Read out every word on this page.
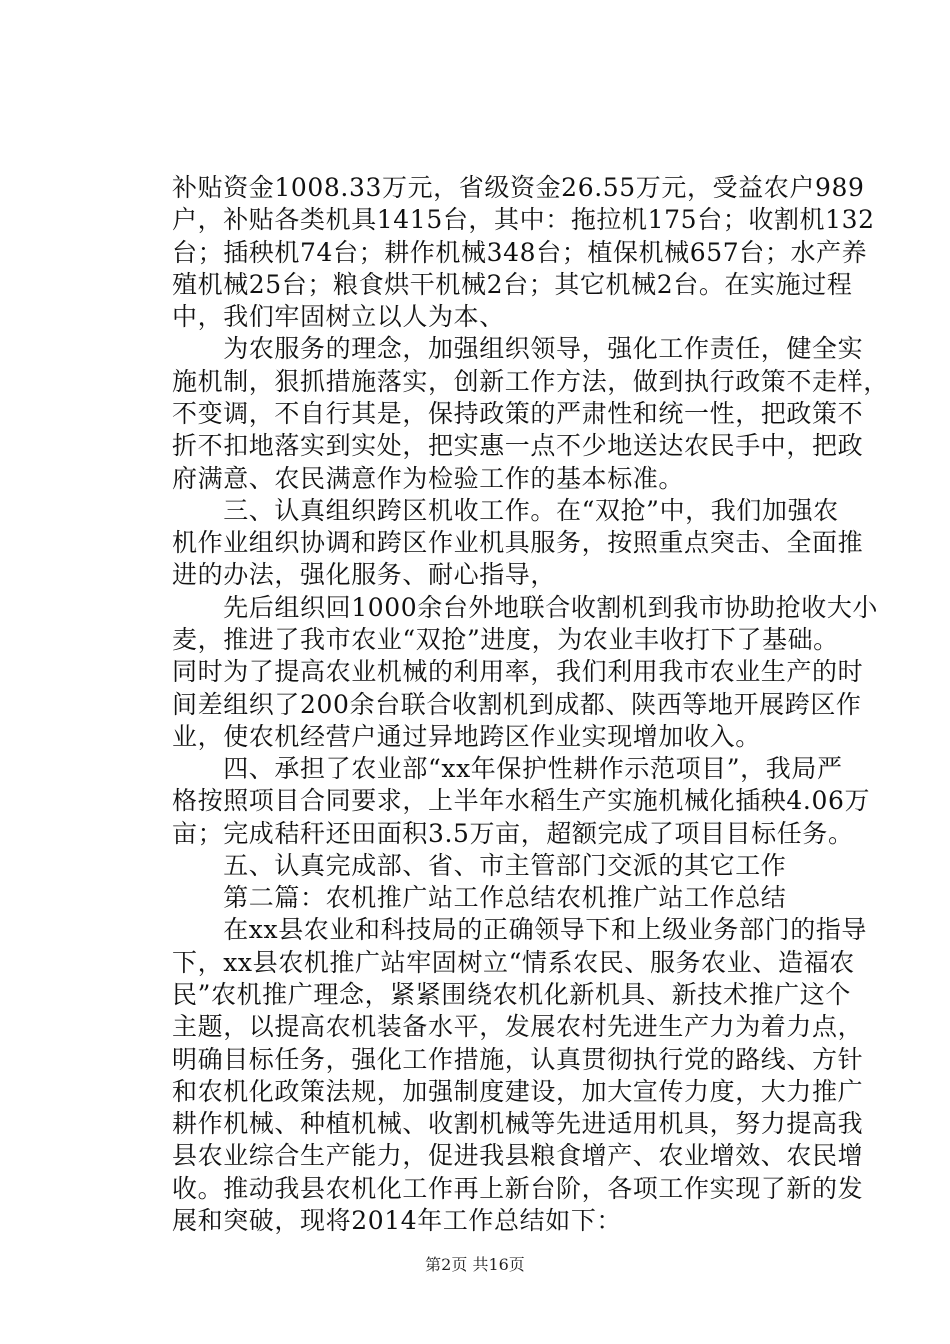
补贴资金1008.33万元，省级资金26.55万元，受益农户989
户，补贴各类机具1415台，其中：拖拉机175台；收割机132
台；插秧机74台；耕作机械348台；植保机械657台；水产养
殖机械25台；粮食烘干机械2台；其它机械2台。在实施过程
中，我们牢固树立以人为本、
　　为农服务的理念，加强组织领导，强化工作责任，健全实
施机制，狠抓措施落实，创新工作方法，做到执行政策不走样，
不变调，不自行其是，保持政策的严肃性和统一性，把政策不
折不扣地落实到实处，把实惠一点不少地送达农民手中，把政
府满意、农民满意作为检验工作的基本标准。
　　三、认真组织跨区机收工作。在“双抢”中，我们加强农
机作业组织协调和跨区作业机具服务，按照重点突击、全面推
进的办法，强化服务、耐心指导，
　　先后组织回1000余台外地联合收割机到我市协助抢收大小
麦，推进了我市农业“双抢”进度，为农业丰收打下了基础。
同时为了提高农业机械的利用率，我们利用我市农业生产的时
间差组织了200余台联合收割机到成都、陕西等地开展跨区作
业，使农机经营户通过异地跨区作业实现增加收入。
　　四、承担了农业部“xx年保护性耕作示范项目”，我局严
格按照项目合同要求，上半年水稻生产实施机械化插秧4.06万
亩；完成秸秆还田面积3.5万亩，超额完成了项目目标任务。
　　五、认真完成部、省、市主管部门交派的其它工作
　　第二篇：农机推广站工作总结农机推广站工作总结
　　在xx县农业和科技局的正确领导下和上级业务部门的指导
下，xx县农机推广站牢固树立“情系农民、服务农业、造福农
民”农机推广理念，紧紧围绕农机化新机具、新技术推广这个
主题，以提高农机装备水平，发展农村先进生产力为着力点，
明确目标任务，强化工作措施，认真贯彻执行党的路线、方针
和农机化政策法规，加强制度建设，加大宣传力度，大力推广
耕作机械、种植机械、收割机械等先进适用机具，努力提高我
县农业综合生产能力，促进我县粮食增产、农业增效、农民增
收。推动我县农机化工作再上新台阶，各项工作实现了新的发
展和突破，现将2014年工作总结如下：
第2页 共16页
